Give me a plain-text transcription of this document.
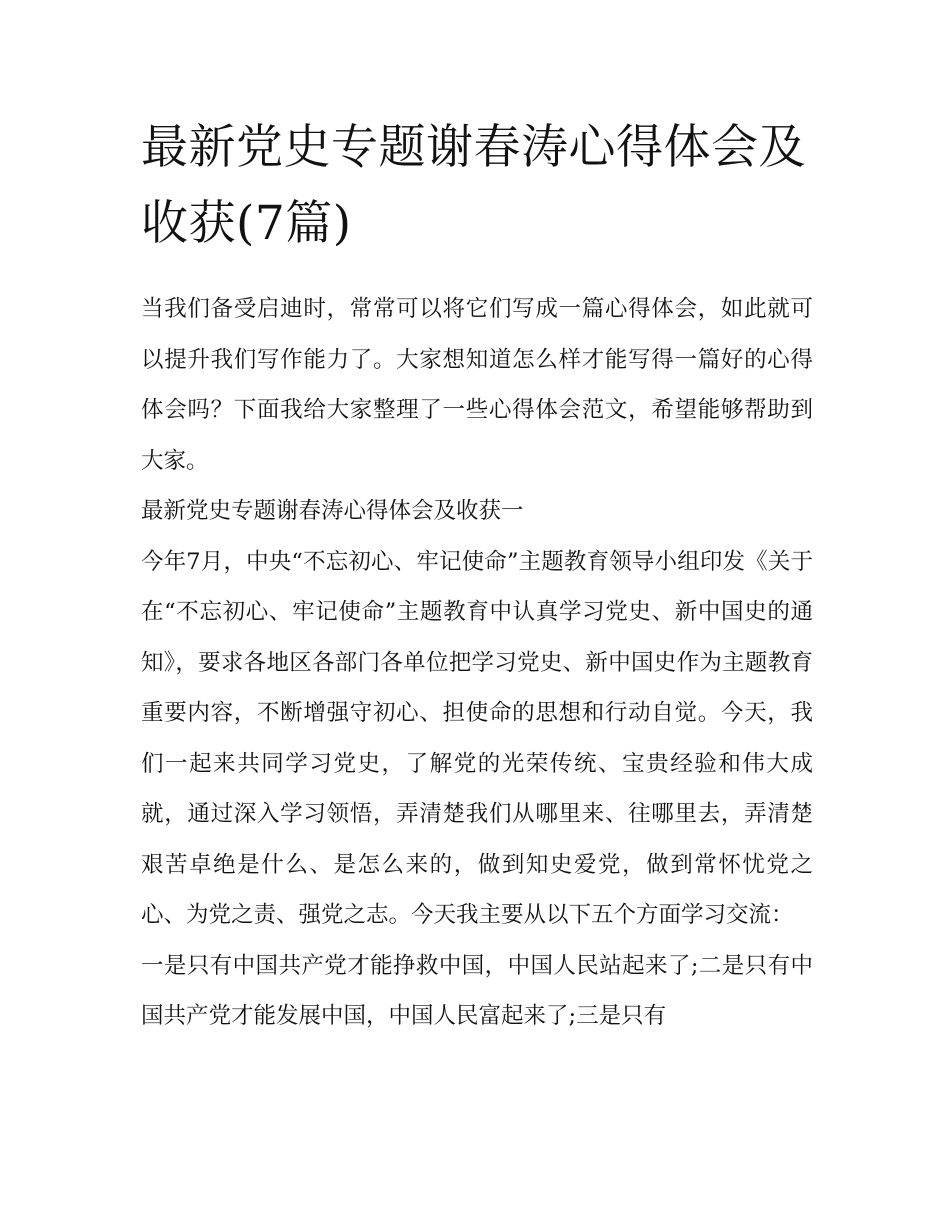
最新党史专题谢春涛心得体会及收获(7篇)

当我们备受启迪时，常常可以将它们写成一篇心得体会，如此就可以提升我们写作能力了。大家想知道怎么样才能写得一篇好的心得体会吗？下面我给大家整理了一些心得体会范文，希望能够帮助到大家。

最新党史专题谢春涛心得体会及收获一

今年7月，中央“不忘初心、牢记使命”主题教育领导小组印发《关于在“不忘初心、牢记使命”主题教育中认真学习党史、新中国史的通知》，要求各地区各部门各单位把学习党史、新中国史作为主题教育重要内容，不断增强守初心、担使命的思想和行动自觉。今天，我们一起来共同学习党史，了解党的光荣传统、宝贵经验和伟大成就，通过深入学习领悟，弄清楚我们从哪里来、往哪里去，弄清楚艰苦卓绝是什么、是怎么来的，做到知史爱党，做到常怀忧党之心、为党之责、强党之志。今天我主要从以下五个方面学习交流：

一是只有中国共产党才能挣救中国，中国人民站起来了;二是只有中国共产党才能发展中国，中国人民富起来了;三是只有
